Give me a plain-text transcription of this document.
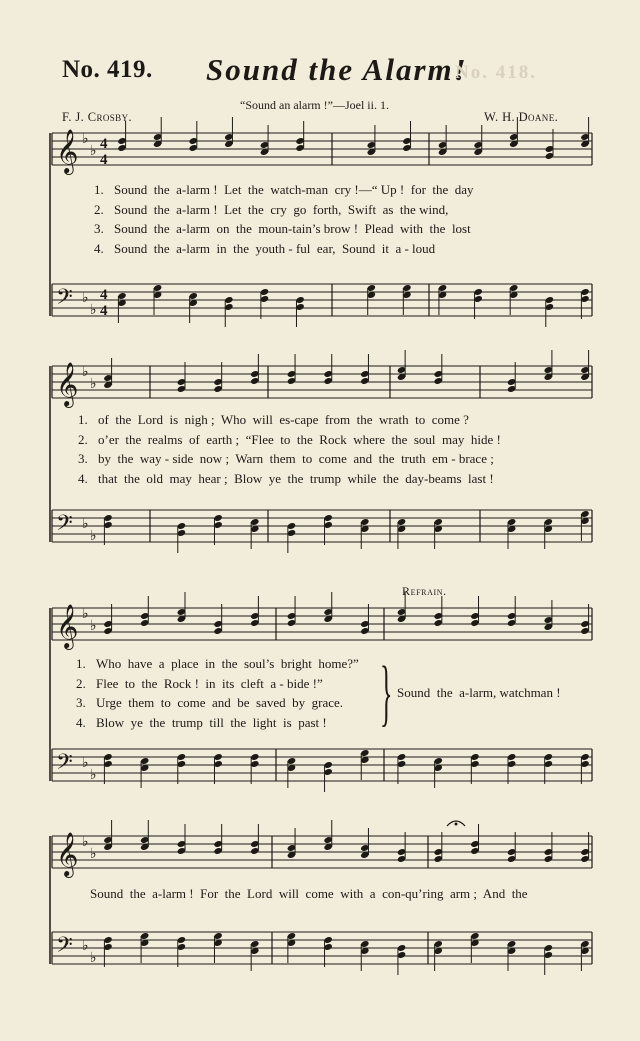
No. 419. Sound the Alarm!
No. 418.
“Sound an alarm !”—Joel ii. 1.
F. J. Crosby.	W. H. Doane.
𝄞 ♭
♭ 4
4
𝄢 ♭
♭
4
4
𝄞 ♭
♭
𝄢 ♭
♭
𝄞 ♭
♭
𝄢 ♭
♭
𝄞 ♭
♭
𝄢 ♭
♭
1. Sound  the  a-larm !  Let  the  watch-man  cry !—“ Up !  for  the  day
2. Sound  the  a-larm !  Let  the  cry  go  forth,  Swift  as  the wind,
3. Sound  the  a-larm  on  the  moun-tain’s brow !  Plead  with  the  lost
4. Sound  the  a-larm  in  the  youth - ful  ear,  Sound  it  a - loud
1. of  the  Lord  is  nigh ;  Who  will  es-cape  from  the  wrath  to  come ?
2. o’er  the  realms  of  earth ;  “Flee  to  the  Rock  where  the  soul  may  hide !
3. by  the  way - side  now ;  Warn  them  to  come  and  the  truth  em - brace ;
4. that  the  old  may  hear ;  Blow  ye  the  trump  while  the  day-beams  last !
Refrain.
1. Who  have  a  place  in  the  soul’s  bright  home?”
2. Flee  to  the  Rock !  in  its  cleft  a - bide !”
3. Urge  them  to  come  and  be  saved  by  grace.
4. Blow  ye  the  trump  till  the  light  is  past ! } Sound  the  a-larm, watchman !
Sound  the  a-larm !  For  the  Lord  will  come  with  a  con-qu’ring  arm ;  And  the
